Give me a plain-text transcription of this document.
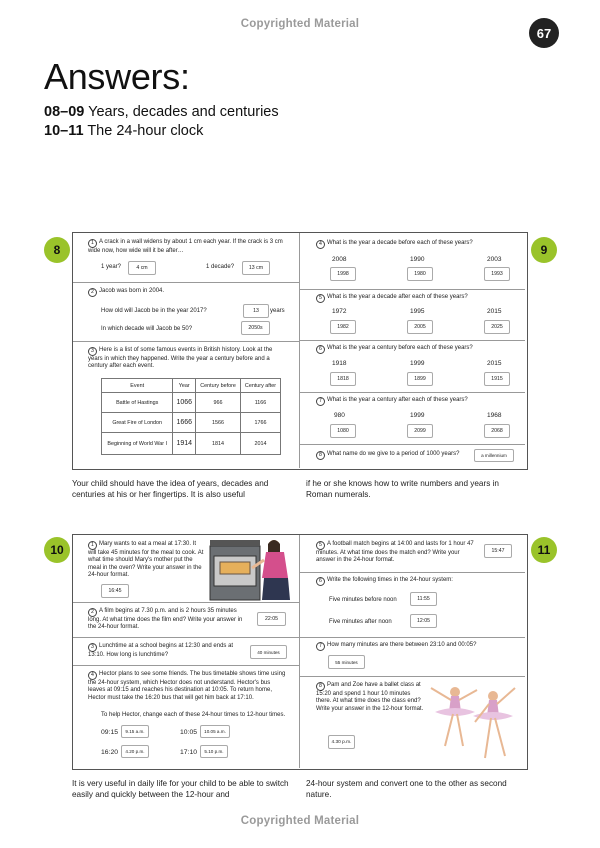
Copyrighted Material
67
Answers:
08–09 Years, decades and centuries
10–11 The 24-hour clock
8	9
1 A crack in a wall widens by about 1 cm each year. If the crack is 3 cm wide now, how wide will it be after…
1 year?	4 cm	1 decade?	13 cm
2 Jacob was born in 2004.
How old will Jacob be in the year 2017?	13	years
In which decade will Jacob be 50?	2050s
3 Here is a list of some famous events in British history. Look at the years in which they happened. Write the year a century before and a century after each event.
Event	Year	Century before	Century after
Battle of Hastings	1066	966	1166
Great Fire of London	1666	1566	1766
Beginning of World War I	1914	1814	2014
4 What is the year a decade before each of these years?
2008	1990	2003
1998	1980	1993
5 What is the year a decade after each of these years?
1972	1995	2015
1982	2005	2025
6 What is the year a century before each of these years?
1918	1999	2015
1818	1899	1915
7 What is the year a century after each of these years?
980	1999	1968
1080	2099	2068
8 What name do we give to a period of 1000 years?	a millennium
Your child should have the idea of years, decades and centuries at his or her fingertips. It is also useful
if he or she knows how to write numbers and years in Roman numerals.
10	11
1 Mary wants to eat a meal at 17:30. It will take 45 minutes for the meal to cook. At what time should Mary's mother put the meal in the oven? Write your answer in the 24-hour format.
16:45
2 A film begins at 7.30 p.m. and is 2 hours 35 minutes long. At what time does the film end? Write your answer in the 24-hour format.
22:05
3 Lunchtime at a school begins at 12:30 and ends at 13:10. How long is lunchtime?	40 minutes
4 Hector plans to see some friends. The bus timetable shows time using the 24-hour system, which Hector does not understand. Hector's bus leaves at 09:15 and reaches his destination at 10:05. To return home, Hector must take the 16:20 bus that will get him back at 17:10.
To help Hector, change each of these 24-hour times to 12-hour times.
09:15	9.15 a.m.	10:05	10.05 a.m.
16:20	4.20 p.m.	17:10	5.10 p.m.
5 A football match begins at 14:00 and lasts for 1 hour 47 minutes. At what time does the match end? Write your answer in the 24-hour format.
15:47
6 Write the following times in the 24-hour system:
Five minutes before noon	11:55
Five minutes after noon	12:05
7 How many minutes are there between 23:10 and 00:05?
55 minutes
8 Pam and Zoe have a ballet class at 15:20 and spend 1 hour 10 minutes there. At what time does the class end? Write your answer in the 12-hour format.
4.30 p.m.
It is very useful in daily life for your child to be able to switch easily and quickly between the 12-hour and
24-hour system and convert one to the other as second nature.
Copyrighted Material
